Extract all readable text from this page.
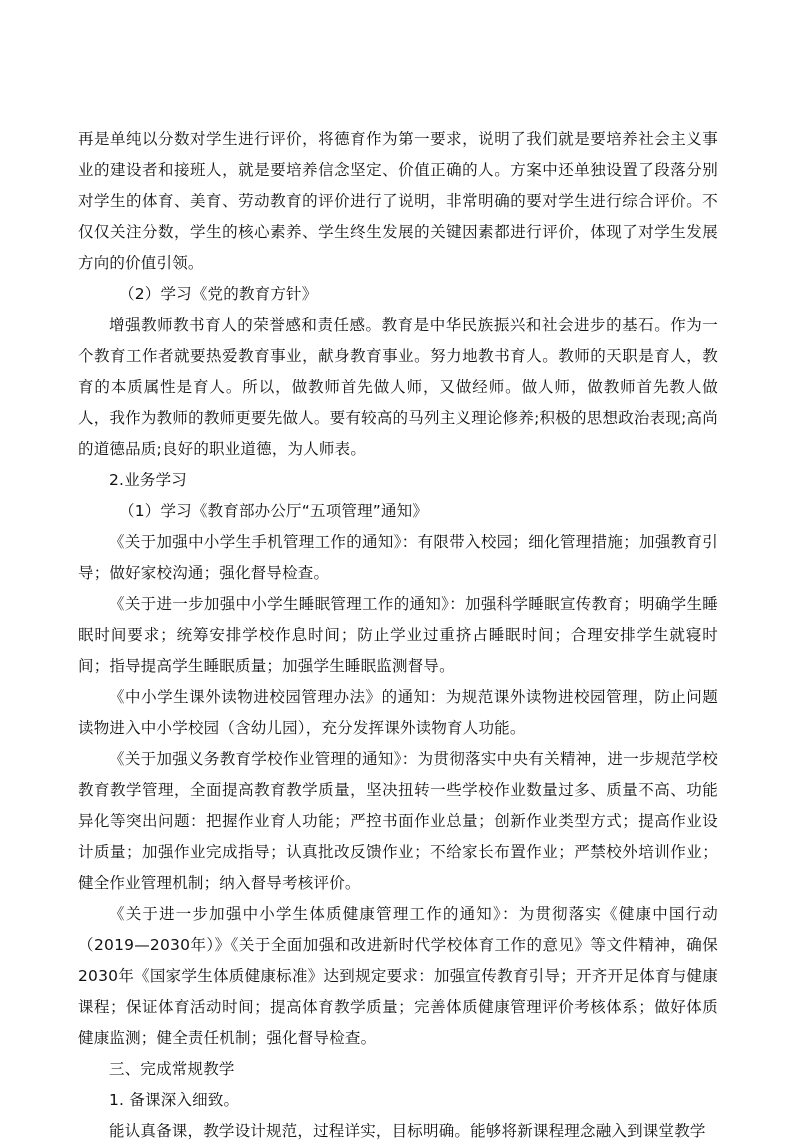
再是单纯以分数对学生进行评价，将德育作为第一要求，说明了我们就是要培养社会主义事业的建设者和接班人，就是要培养信念坚定、价值正确的人。方案中还单独设置了段落分别对学生的体育、美育、劳动教育的评价进行了说明，非常明确的要对学生进行综合评价。不仅仅关注分数，学生的核心素养、学生终生发展的关键因素都进行评价，体现了对学生发展方向的价值引领。

（2）学习《党的教育方针》

增强教师教书育人的荣誉感和责任感。教育是中华民族振兴和社会进步的基石。作为一个教育工作者就要热爱教育事业，献身教育事业。努力地教书育人。教师的天职是育人，教育的本质属性是育人。所以，做教师首先做人师，又做经师。做人师，做教师首先教人做人，我作为教师的教师更要先做人。要有较高的马列主义理论修养;积极的思想政治表现;高尚的道德品质;良好的职业道德，为人师表。

2.业务学习

（1）学习《教育部办公厅“五项管理”通知》

《关于加强中小学生手机管理工作的通知》：有限带入校园；细化管理措施；加强教育引导；做好家校沟通；强化督导检查。

《关于进一步加强中小学生睡眠管理工作的通知》：加强科学睡眠宣传教育；明确学生睡眠时间要求；统筹安排学校作息时间；防止学业过重挤占睡眠时间；合理安排学生就寝时间；指导提高学生睡眠质量；加强学生睡眠监测督导。

《中小学生课外读物进校园管理办法》的通知：为规范课外读物进校园管理，防止问题读物进入中小学校园（含幼儿园），充分发挥课外读物育人功能。

《关于加强义务教育学校作业管理的通知》：为贯彻落实中央有关精神，进一步规范学校教育教学管理，全面提高教育教学质量，坚决扭转一些学校作业数量过多、质量不高、功能异化等突出问题：把握作业育人功能；严控书面作业总量；创新作业类型方式；提高作业设计质量；加强作业完成指导；认真批改反馈作业；不给家长布置作业；严禁校外培训作业；健全作业管理机制；纳入督导考核评价。

《关于进一步加强中小学生体质健康管理工作的通知》：为贯彻落实《健康中国行动（2019—2030年）》《关于全面加强和改进新时代学校体育工作的意见》等文件精神，确保2030年《国家学生体质健康标准》达到规定要求：加强宣传教育引导；开齐开足体育与健康课程；保证体育活动时间；提高体育教学质量；完善体质健康管理评价考核体系；做好体质健康监测；健全责任机制；强化督导检查。

三、完成常规教学

1. 备课深入细致。

能认真备课，教学设计规范，过程详实，目标明确。能够将新课程理念融入到课堂教学
